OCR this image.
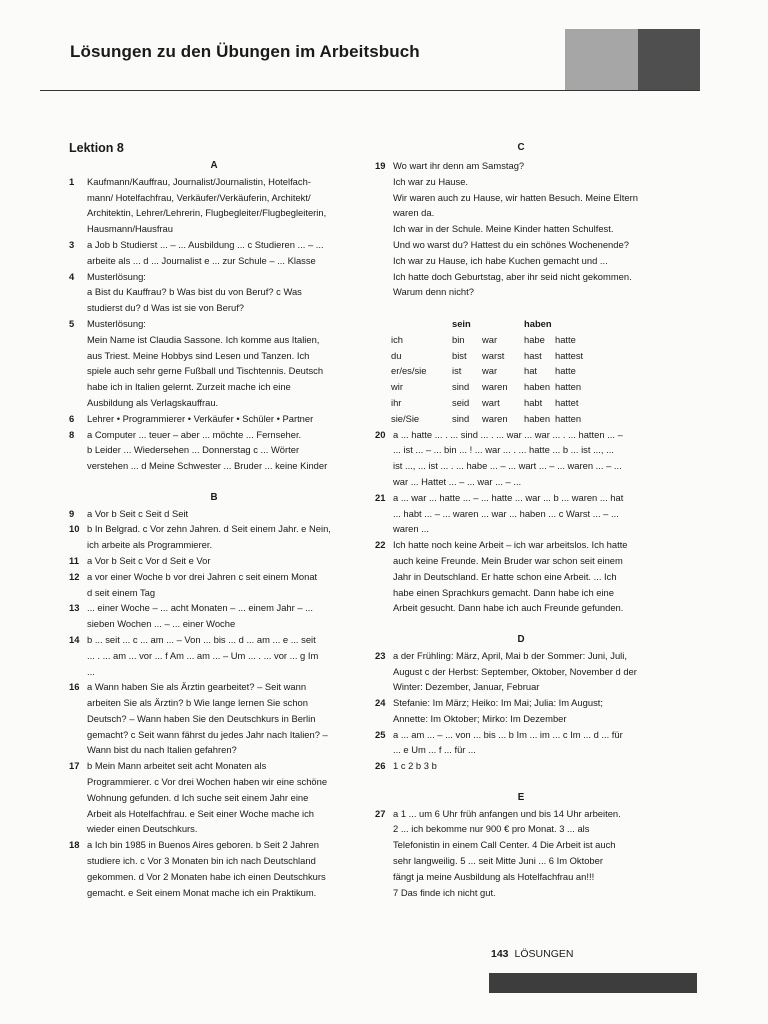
Lösungen zu den Übungen im Arbeitsbuch
Lektion 8
A
1	Kaufmann/Kauffrau, Journalist/Journalistin, Hotelfach-
mann/ Hotelfachfrau, Verkäufer/Verkäuferin, Architekt/
Architektin, Lehrer/Lehrerin, Flugbegleiter/Flugbegleiterin,
Hausmann/Hausfrau
3	a Job b Studierst ... – ... Ausbildung ... c Studieren ... – ...
arbeite als ... d ... Journalist e ... zur Schule – ... Klasse
4	Musterlösung:
a Bist du Kauffrau? b Was bist du von Beruf? c Was
studierst du? d Was ist sie von Beruf?
5	Musterlösung:
Mein Name ist Claudia Sassone. Ich komme aus Italien,
aus Triest. Meine Hobbys sind Lesen und Tanzen. Ich
spiele auch sehr gerne Fußball und Tischtennis. Deutsch
habe ich in Italien gelernt. Zurzeit mache ich eine
Ausbildung als Verlagskauffrau.
6	Lehrer • Programmierer • Verkäufer • Schüler • Partner
8	a Computer ... teuer – aber ... möchte ... Fernseher.
b Leider ... Wiedersehen ... Donnerstag c ... Wörter
verstehen ... d Meine Schwester ... Bruder ... keine Kinder
B
9	a Vor b Seit c Seit d Seit
10 b In Belgrad. c Vor zehn Jahren. d Seit einem Jahr. e Nein,
ich arbeite als Programmierer.
11 a Vor b Seit c Vor d Seit e Vor
12 a vor einer Woche b vor drei Jahren c seit einem Monat
d seit einem Tag
13 ... einer Woche – ... acht Monaten – ... einem Jahr – ...
sieben Wochen ... – ... einer Woche
14 b ... seit ... c ... am ... – Von ... bis ... d ... am ... e ... seit
... . ... am ... vor ... f Am ... am ... – Um ... . ... vor ... g Im
...
16 a Wann haben Sie als Ärztin gearbeitet? – Seit wann
arbeiten Sie als Ärztin? b Wie lange lernen Sie schon
Deutsch? – Wann haben Sie den Deutschkurs in Berlin
gemacht? c Seit wann fährst du jedes Jahr nach Italien? –
Wann bist du nach Italien gefahren?
17 b Mein Mann arbeitet seit acht Monaten als
Programmierer. c Vor drei Wochen haben wir eine schöne
Wohnung gefunden. d Ich suche seit einem Jahr eine
Arbeit als Hotelfachfrau. e Seit einer Woche mache ich
wieder einen Deutschkurs.
18 a Ich bin 1985 in Buenos Aires geboren. b Seit 2 Jahren
studiere ich. c Vor 3 Monaten bin ich nach Deutschland
gekommen. d Vor 2 Monaten habe ich einen Deutschkurs
gemacht. e Seit einem Monat mache ich ein Praktikum.
C
19 Wo wart ihr denn am Samstag?
Ich war zu Hause.
Wir waren auch zu Hause, wir hatten Besuch. Meine Eltern
waren da.
Ich war in der Schule. Meine Kinder hatten Schulfest.
Und wo warst du? Hattest du ein schönes Wochenende?
Ich war zu Hause, ich habe Kuchen gemacht und ...
Ich hatte doch Geburtstag, aber ihr seid nicht gekommen.
Warum denn nicht?
	sein		haben	
ich	bin	war	habe	hatte
du	bist	warst	hast	hattest
er/es/sie	ist	war	hat	hatte
wir	sind	waren	haben	hatten
ihr	seid	wart	habt	hattet
sie/Sie	sind	waren	haben	hatten
20 a ... hatte ... . ... sind ... . ... war ... war ... . ... hatten ... –
... ist ... – ... bin ... ! ... war ... . ... hatte ... b ... ist ..., ...
ist ..., ... ist ... . ... habe ... – ... wart ... – ... waren ... – ...
war ... Hattet ... – ... war ... – ...
21 a ... war ... hatte ... – ... hatte ... war ... b ... waren ... hat
... habt ... – ... waren ... war ... haben ... c Warst ... – ...
waren ...
22 Ich hatte noch keine Arbeit – ich war arbeitslos. Ich hatte
auch keine Freunde. Mein Bruder war schon seit einem
Jahr in Deutschland. Er hatte schon eine Arbeit. ... Ich
habe einen Sprachkurs gemacht. Dann habe ich eine
Arbeit gesucht. Dann habe ich auch Freunde gefunden.
D
23 a der Frühling: März, April, Mai b der Sommer: Juni, Juli,
August c der Herbst: September, Oktober, November d der
Winter: Dezember, Januar, Februar
24 Stefanie: Im März; Heiko: Im Mai; Julia: Im August;
Annette: Im Oktober; Mirko: Im Dezember
25 a ... am ... – ... von ... bis ... b Im ... im ... c Im ... d ... für
... e Um ... f ... für ...
26 1 c 2 b 3 b
E
27 a 1 ... um 6 Uhr früh anfangen und bis 14 Uhr arbeiten.
2 ... ich bekomme nur 900 € pro Monat. 3 ... als
Telefonistin in einem Call Center. 4 Die Arbeit ist auch
sehr langweilig. 5 ... seit Mitte Juni ... 6 Im Oktober
fängt ja meine Ausbildung als Hotelfachfrau an!!!
7 Das finde ich nicht gut.
143 LÖSUNGEN
